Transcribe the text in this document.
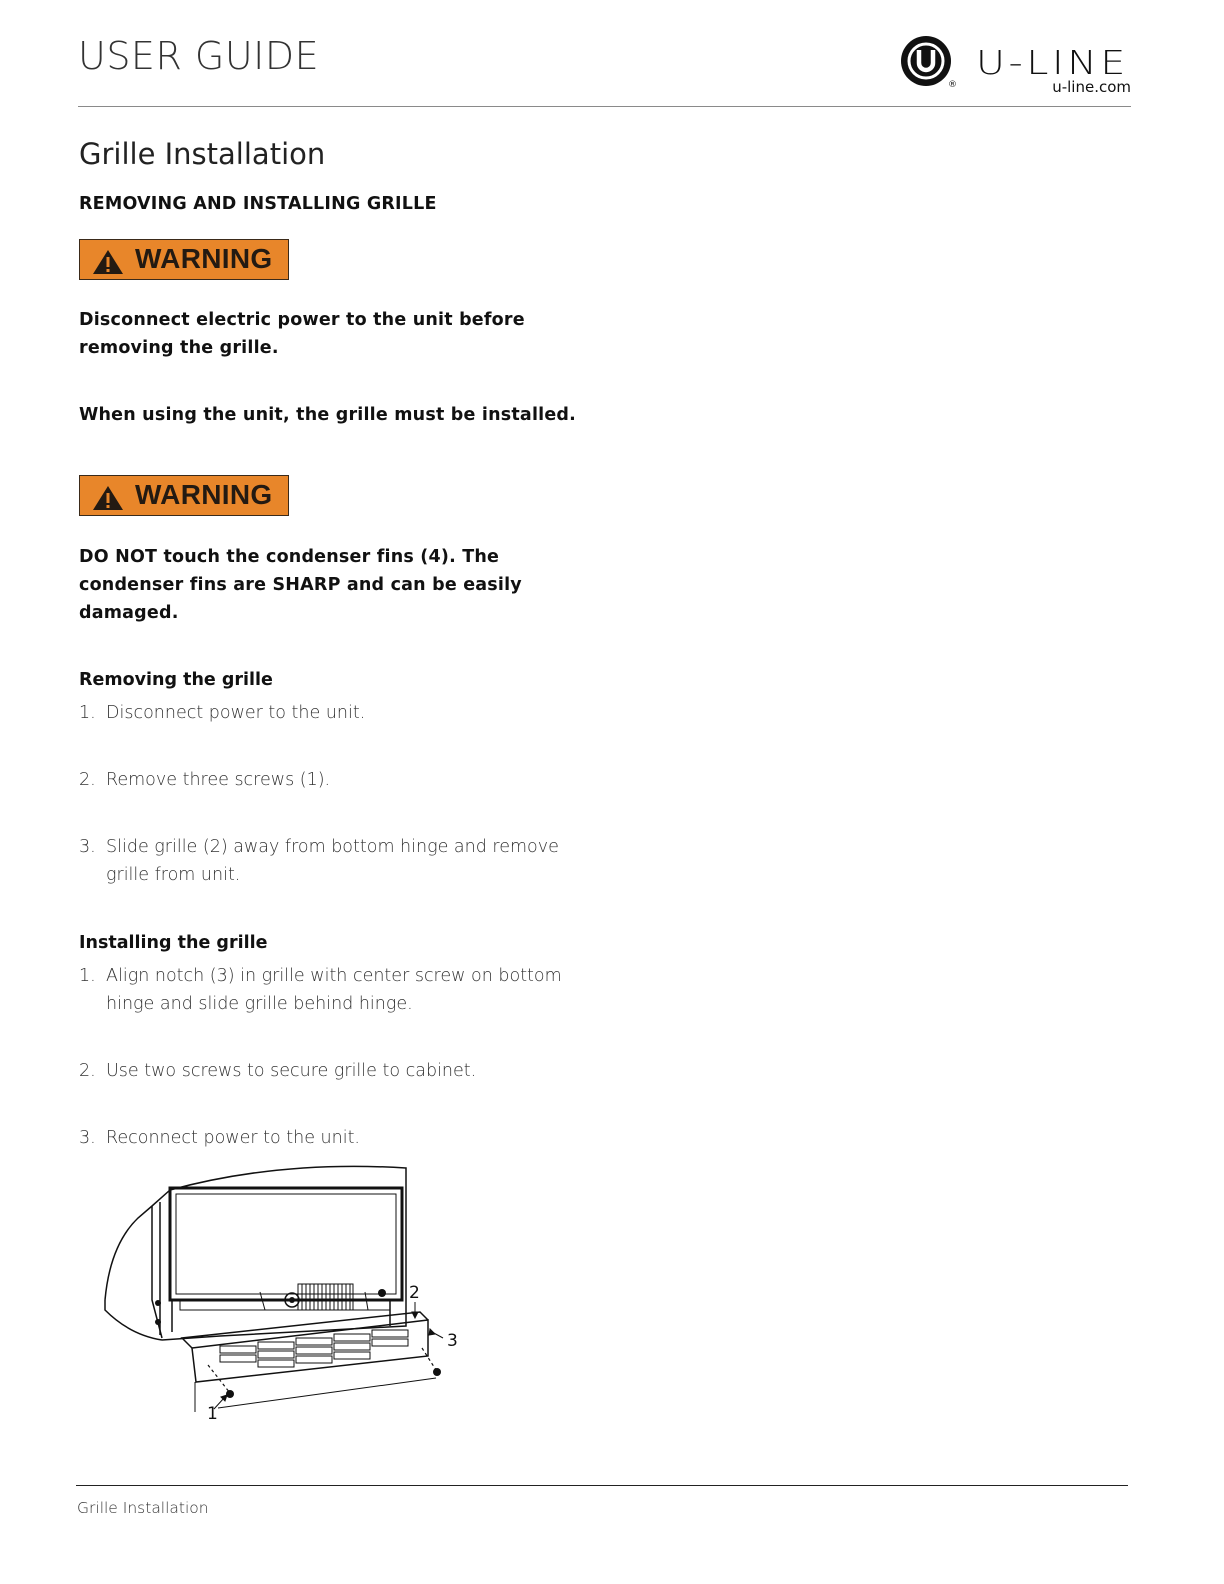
USER GUIDE
®
U-LINE
u-line.com
Grille Installation
REMOVING AND INSTALLING GRILLE
WARNING
Disconnect electric power to the unit before
removing the grille.
When using the unit, the grille must be installed.
WARNING
DO NOT touch the condenser fins (4). The
condenser fins are SHARP and can be easily
damaged.
Removing the grille
1. Disconnect power to the unit.
2. Remove three screws (1).
3. Slide grille (2) away from bottom hinge and remove
grille from unit.
Installing the grille
1. Align notch (3) in grille with center screw on bottom
hinge and slide grille behind hinge.
2. Use two screws to secure grille to cabinet.
3. Reconnect power to the unit.
1
2
3
Grille Installation
